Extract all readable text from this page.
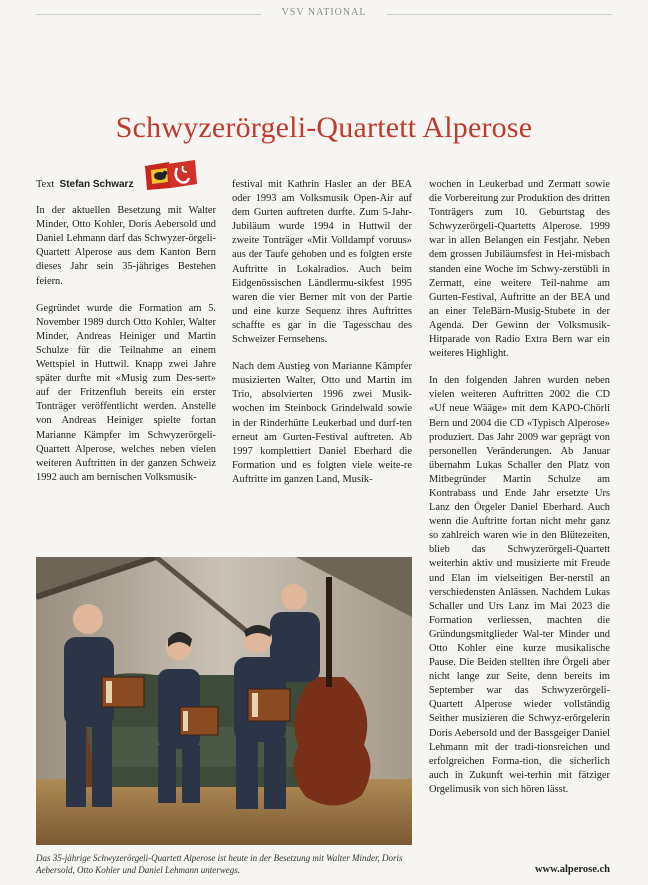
VSV NATIONAL
Schwyzerörgeli-Quartett Alperose

Text Stefan Schwarz

In der aktuellen Besetzung mit Walter Minder, Otto Kohler, Doris Aebersold und Daniel Lehmann darf das Schwyzer-örgeli-Quartett Alperose aus dem Kanton Bern dieses Jahr sein 35-jähriges Bestehen feiern.

Gegründet wurde die Formation am 5. November 1989 durch Otto Kohler, Walter Minder, Andreas Heiniger und Martin Schulze für die Teilnahme an einem Wettspiel in Huttwil. Knapp zwei Jahre später durfte mit «Musig zum Des-sert» auf der Fritzenfluh bereits ein erster Tonträger veröffentlicht werden. Anstelle von Andreas Heiniger spielte fortan Marianne Kämpfer im Schwyzerörgeli-Quartett Alperose, welches neben vielen weiteren Auftritten in der ganzen Schweiz 1992 auch am bernischen Volksmusik-

festival mit Kathrin Hasler an der BEA oder 1993 am Volksmusik Open-Air auf dem Gurten auftreten durfte. Zum 5-Jahr-Jubiläum wurde 1994 in Huttwil der zweite Tonträger «Mit Volldampf voruus» aus der Taufe gehoben und es folgten erste Auftritte in Lokalradios. Auch beim Eidgenössischen Ländlermu-sikfest 1995 waren die vier Berner mit von der Partie und eine kurze Sequenz ihres Auftrittes schaffte es gar in die Tagesschau des Schweizer Fernsehens.

Nach dem Austieg von Marianne Kämpfer musizierten Walter, Otto und Martin im Trio, absolvierten 1996 zwei Musik-wochen im Steinbock Grindelwald sowie in der Rinderhütte Leukerbad und durf-ten erneut am Gurten-Festival auftreten. Ab 1997 komplettiert Daniel Eberhard die Formation und es folgten viele weite-re Auftritte im ganzen Land, Musik-

wochen in Leukerbad und Zermatt sowie die Vorbereitung zur Produktion des dritten Tonträgers zum 10. Geburtstag des Schwyzerörgeli-Quartetts Alperose. 1999 war in allen Belangen ein Festjahr. Neben dem grossen Jubiläumsfest in Hei-misbach standen eine Woche im Schwy-zerstübli in Zermatt, eine weitere Teil-nahme am Gurten-Festival, Auftritte an der BEA und an einer TeleBärn-Musig-Stubete in der Agenda. Der Gewinn der Volksmusik-Hitparade von Radio Extra Bern war ein weiteres Highlight.

In den folgenden Jahren wurden neben vielen weiteren Auftritten 2002 die CD «Uf neue Wääge» mit dem KAPO-Chörli Bern und 2004 die CD «Typisch Alperose» produziert. Das Jahr 2009 war geprägt von personellen Veränderungen. Ab Januar übernahm Lukas Schaller den Platz von Mitbegründer Martin Schulze am Kontrabass und Ende Jahr ersetzte Urs Lanz den Örgeler Daniel Eberhard. Auch wenn die Auftritte fortan nicht mehr ganz so zahlreich waren wie in den Blütezeiten, blieb das Schwyzerörgeli-Quartett weiterhin aktiv und musizierte mit Freude und Elan im vielseitigen Ber-nerstil an verschiedensten Anlässen. Nachdem Lukas Schaller und Urs Lanz im Mai 2023 die Formation verliessen, machten die Gründungsmitglieder Wal-ter Minder und Otto Kohler eine kurze musikalische Pause. Die Beiden stellten ihre Örgeli aber nicht lange zur Seite, denn bereits im September war das Schwyzerörgeli-Quartett Alperose wieder vollständig Seither musizieren die Schwyz-erörgelerin Doris Aebersold und der Bassgeiger Daniel Lehmann mit der tradi-tionsreichen und erfolgreichen Forma-tion, die sicherlich auch in Zukunft wei-terhin mit fätziger Orgelimusik von sich hören lässt.

Das 35-jährige Schwyzerörgeli-Quartett Alperose ist heute in der Besetzung mit Walter Minder, Doris Aebersold, Otto Kohler und Daniel Lehmann unterwegs.	www.alperose.ch
